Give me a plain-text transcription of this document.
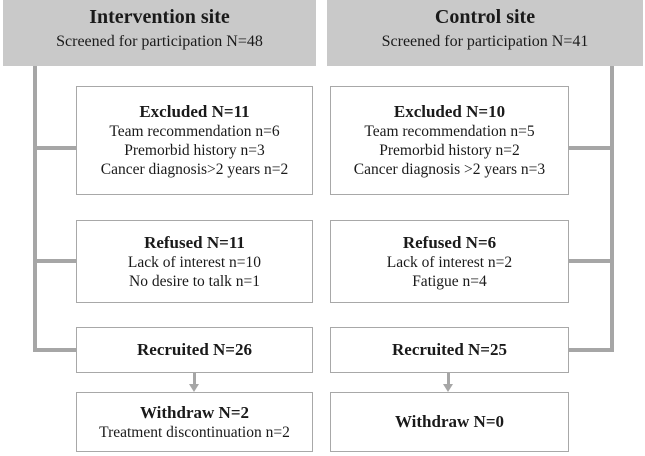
Intervention site
Screened for participation N=48
Control site
Screened for participation N=41
Excluded N=11
Team recommendation n=6
Premorbid history n=3
Cancer diagnosis>2 years n=2
Refused N=11
Lack of interest n=10
No desire to talk n=1
Recruited N=26
Withdraw N=2
Treatment discontinuation n=2
Excluded N=10
Team recommendation n=5
Premorbid history n=2
Cancer diagnosis >2 years n=3
Refused N=6
Lack of interest n=2
Fatigue n=4
Recruited N=25
Withdraw N=0
